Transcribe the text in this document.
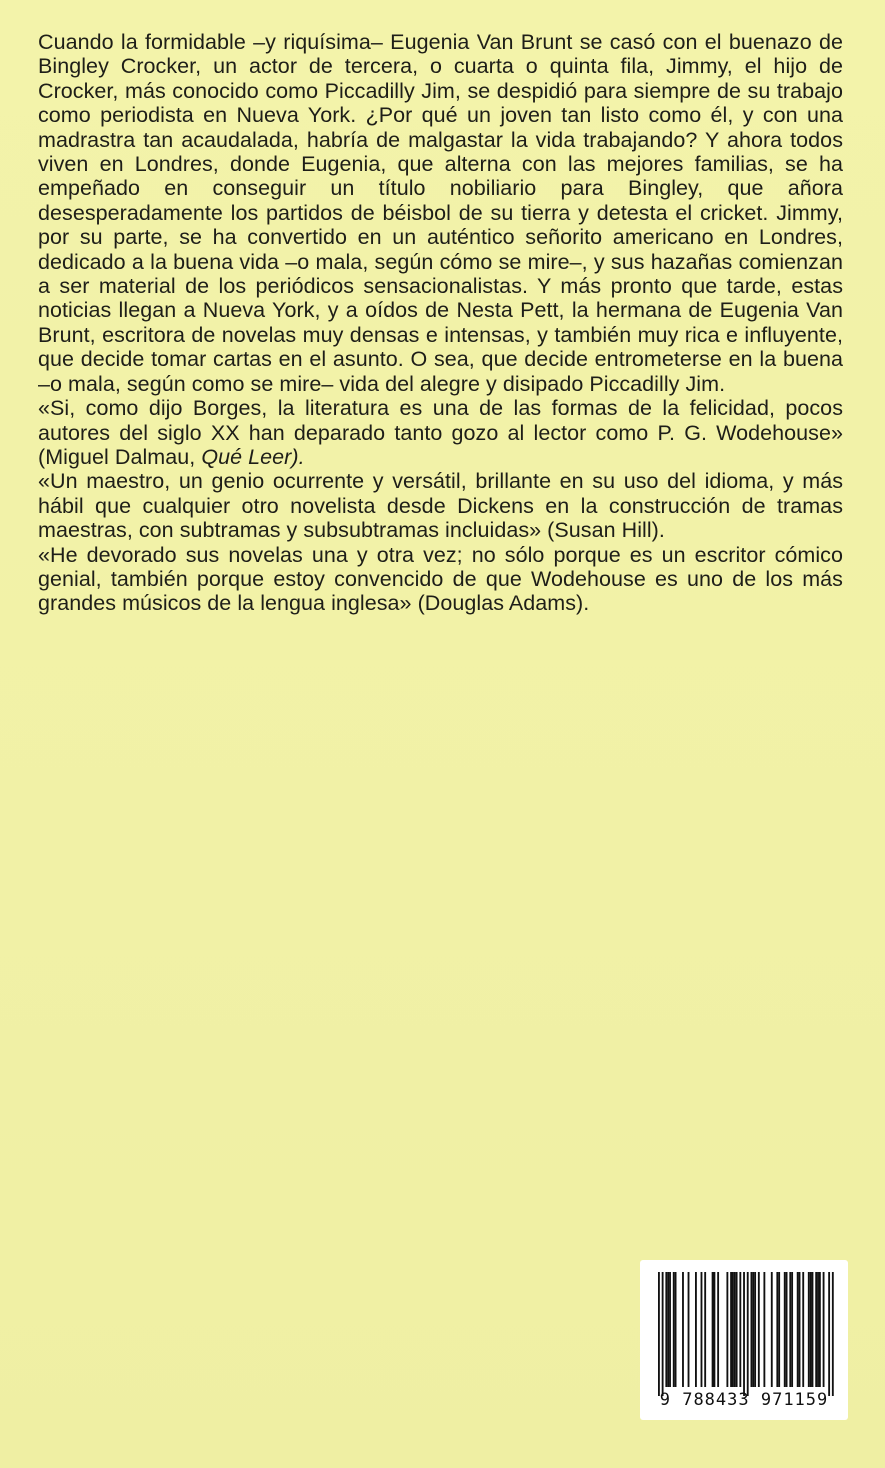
Cuando la formidable –y riquísima– Eugenia Van Brunt se casó con el buenazo de Bingley Crocker, un actor de tercera, o cuarta o quinta fila, Jimmy, el hijo de Crocker, más conocido como Piccadilly Jim, se despidió para siempre de su trabajo como periodista en Nueva York. ¿Por qué un joven tan listo como él, y con una madrastra tan acaudalada, habría de malgastar la vida trabajando? Y ahora todos viven en Londres, donde Eugenia, que alterna con las mejores familias, se ha empeñado en conseguir un título nobiliario para Bingley, que añora desesperadamente los partidos de béisbol de su tierra y detesta el cricket. Jimmy, por su parte, se ha convertido en un auténtico señorito americano en Londres, dedicado a la buena vida –o mala, según cómo se mire–, y sus hazañas comienzan a ser material de los periódicos sensacionalistas. Y más pronto que tarde, estas noticias llegan a Nueva York, y a oídos de Nesta Pett, la hermana de Eugenia Van Brunt, escritora de novelas muy densas e intensas, y también muy rica e influyente, que decide tomar cartas en el asunto. O sea, que decide entrometerse en la buena –o mala, según como se mire– vida del alegre y disipado Piccadilly Jim.

«Si, como dijo Borges, la literatura es una de las formas de la felicidad, pocos autores del siglo XX han deparado tanto gozo al lector como P. G. Wodehouse» (Miguel Dalmau, Qué Leer).

«Un maestro, un genio ocurrente y versátil, brillante en su uso del idioma, y más hábil que cualquier otro novelista desde Dickens en la construcción de tramas maestras, con subtramas y subsubtramas incluidas» (Susan Hill).

«He devorado sus novelas una y otra vez; no sólo porque es un escritor cómico genial, también porque estoy convencido de que Wodehouse es uno de los más grandes músicos de la lengua inglesa» (Douglas Adams).

9 788433 971159
